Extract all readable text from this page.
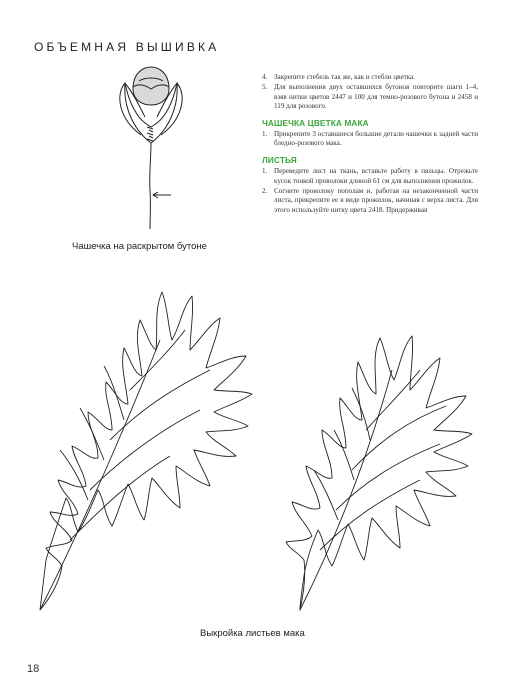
ОБЪЕМНАЯ ВЫШИВКА
Чашечка на раскрытом бутоне
4. Закрепите стебель так же, как и стебли цветка.
5. Для выполнения двух оставшихся бутонов повторите шаги 1–4, взяв нитки цветов 2447 и 100 для темно-розового бутона и 2458 и 119 для розового.
ЧАШЕЧКА ЦВЕТКА МАКА
1. Прикрепите 3 оставшиеся большие детали чашечки к задней части бледно-розового мака.
ЛИСТЬЯ
1. Переведите лист на ткань, вставьте работу в пяльцы. Отрежьте кусок тонкой проволоки длиной 61 см для выполнения прожилок.
2. Согните проволоку пополам и, работая на незаконченной части листа, прикрепите ее в виде прожилок, начиная с верха листа. Для этого используйте нитку цвета 2418. Придерживая
Выкройка листьев мака
18
